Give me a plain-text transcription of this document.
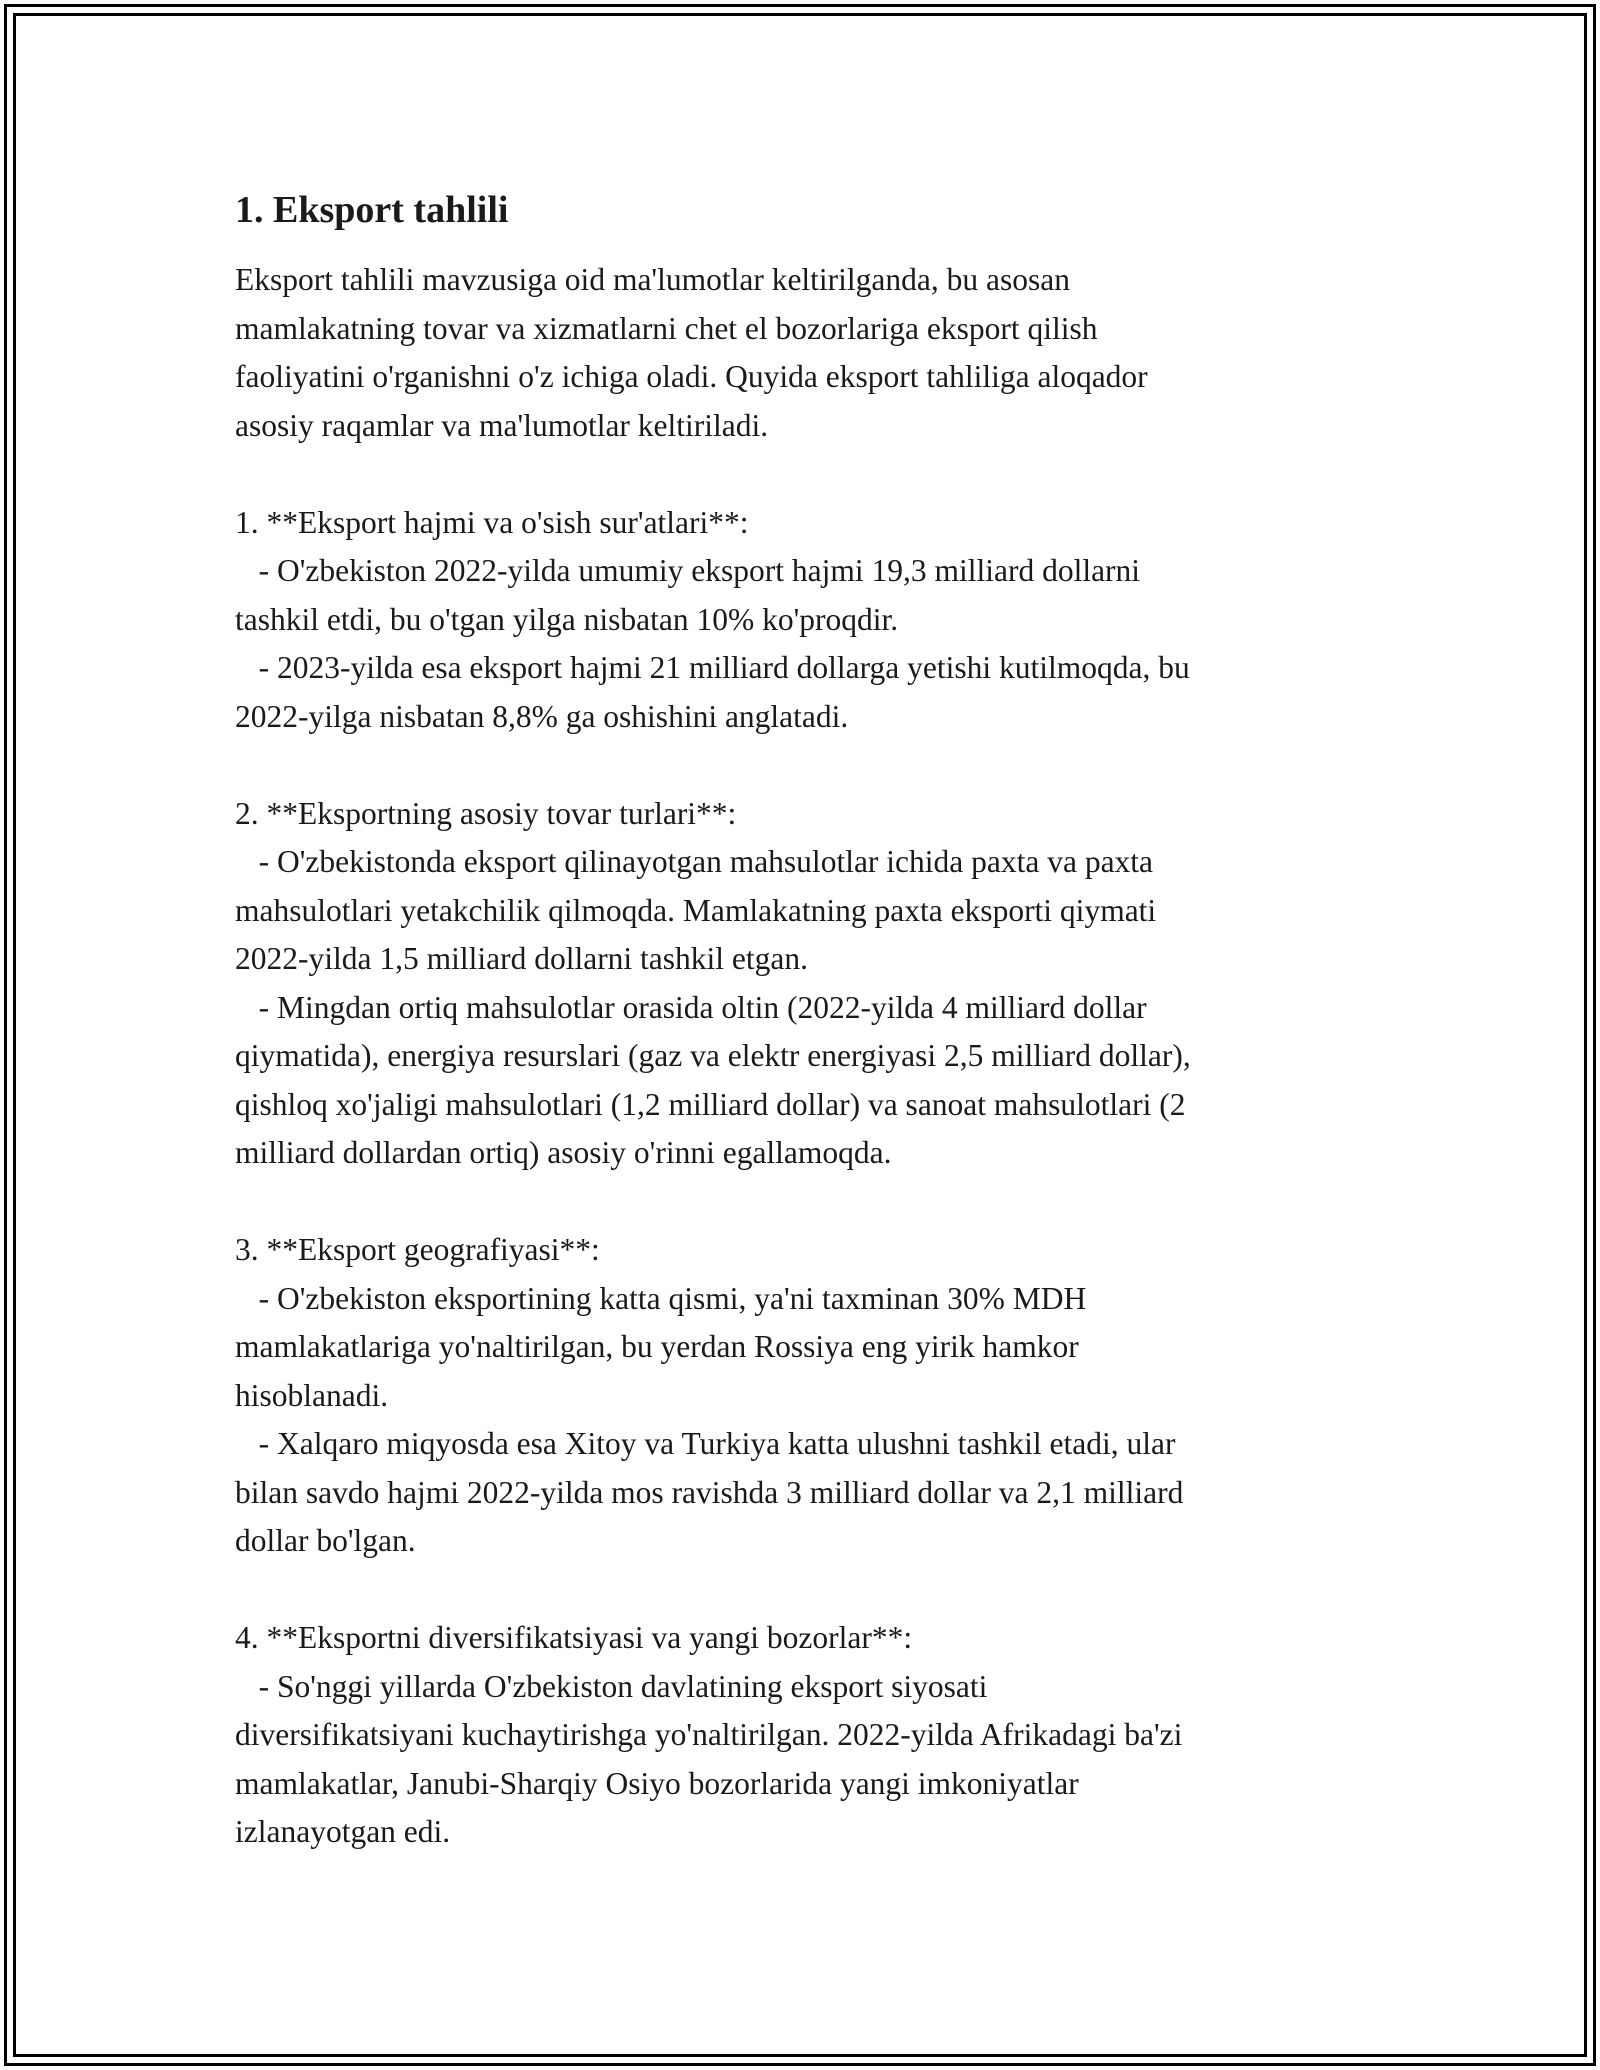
1. Eksport tahlili
Eksport tahlili mavzusiga oid ma'lumotlar keltirilganda, bu asosan
mamlakatning tovar va xizmatlarni chet el bozorlariga eksport qilish
faoliyatini o'rganishni o'z ichiga oladi. Quyida eksport tahliliga aloqador
asosiy raqamlar va ma'lumotlar keltiriladi.

1. **Eksport hajmi va o'sish sur'atlari**:
- O'zbekiston 2022-yilda umumiy eksport hajmi 19,3 milliard dollarni
tashkil etdi, bu o'tgan yilga nisbatan 10% ko'proqdir.
- 2023-yilda esa eksport hajmi 21 milliard dollarga yetishi kutilmoqda, bu
2022-yilga nisbatan 8,8% ga oshishini anglatadi.

2. **Eksportning asosiy tovar turlari**:
- O'zbekistonda eksport qilinayotgan mahsulotlar ichida paxta va paxta
mahsulotlari yetakchilik qilmoqda. Mamlakatning paxta eksporti qiymati
2022-yilda 1,5 milliard dollarni tashkil etgan.
- Mingdan ortiq mahsulotlar orasida oltin (2022-yilda 4 milliard dollar
qiymatida), energiya resurslari (gaz va elektr energiyasi 2,5 milliard dollar),
qishloq xo'jaligi mahsulotlari (1,2 milliard dollar) va sanoat mahsulotlari (2
milliard dollardan ortiq) asosiy o'rinni egallamoqda.

3. **Eksport geografiyasi**:
- O'zbekiston eksportining katta qismi, ya'ni taxminan 30% MDH
mamlakatlariga yo'naltirilgan, bu yerdan Rossiya eng yirik hamkor
hisoblanadi.
- Xalqaro miqyosda esa Xitoy va Turkiya katta ulushni tashkil etadi, ular
bilan savdo hajmi 2022-yilda mos ravishda 3 milliard dollar va 2,1 milliard
dollar bo'lgan.

4. **Eksportni diversifikatsiyasi va yangi bozorlar**:
- So'nggi yillarda O'zbekiston davlatining eksport siyosati
diversifikatsiyani kuchaytirishga yo'naltirilgan. 2022-yilda Afrikadagi ba'zi
mamlakatlar, Janubi-Sharqiy Osiyo bozorlarida yangi imkoniyatlar
izlanayotgan edi.
